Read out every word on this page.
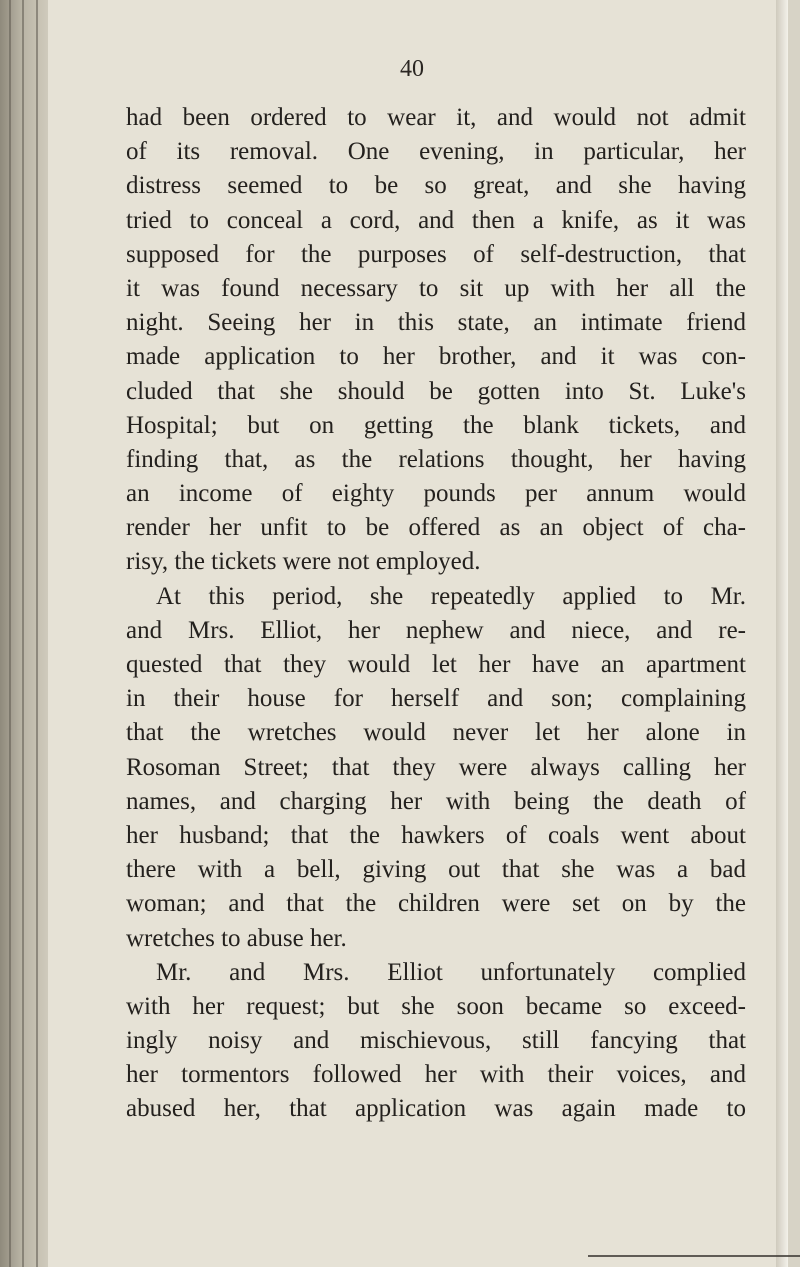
40
had been ordered to wear it, and would not admit
of its removal. One evening, in particular, her
distress seemed to be so great, and she having
tried to conceal a cord, and then a knife, as it was
supposed for the purposes of self-destruction, that
it was found necessary to sit up with her all the
night. Seeing her in this state, an intimate friend
made application to her brother, and it was con-
cluded that she should be gotten into St. Luke's
Hospital; but on getting the blank tickets, and
finding that, as the relations thought, her having
an income of eighty pounds per annum would
render her unfit to be offered as an object of cha-
risy, the tickets were not employed.
At this period, she repeatedly applied to Mr.
and Mrs. Elliot, her nephew and niece, and re-
quested that they would let her have an apartment
in their house for herself and son; complaining
that the wretches would never let her alone in
Rosoman Street; that they were always calling her
names, and charging her with being the death of
her husband; that the hawkers of coals went about
there with a bell, giving out that she was a bad
woman; and that the children were set on by the
wretches to abuse her.
Mr. and Mrs. Elliot unfortunately complied
with her request; but she soon became so exceed-
ingly noisy and mischievous, still fancying that
her tormentors followed her with their voices, and
abused her, that application was again made to
